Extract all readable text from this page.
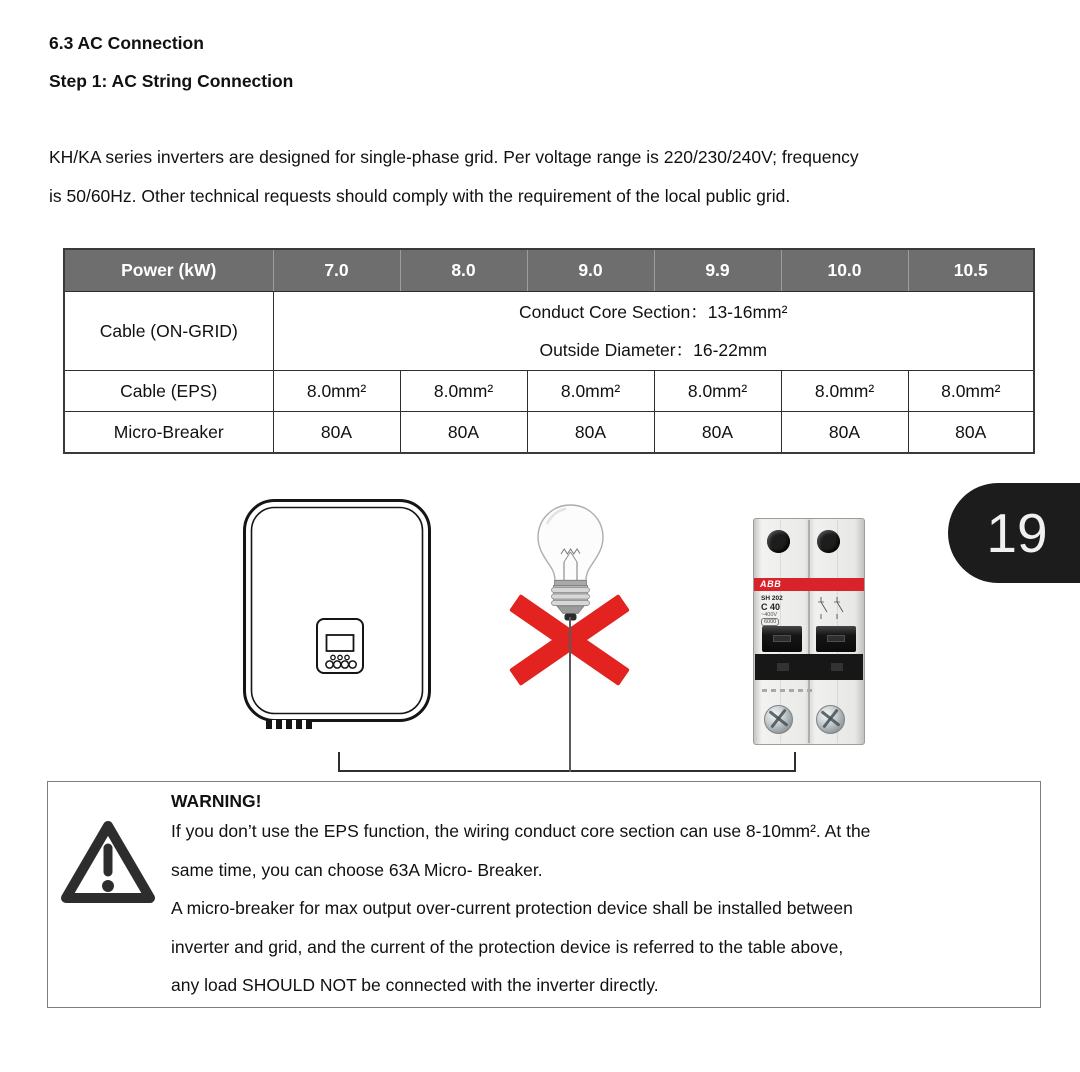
6.3 AC Connection
Step 1: AC String Connection
KH/KA series inverters are designed for single-phase grid. Per voltage range is 220/230/240V; frequency
is 50/60Hz. Other technical requests should comply with the requirement of the local public grid.
Power (kW)	7.0	8.0	9.0	9.9	10.0	10.5
Cable (ON-GRID)	Conduct Core Section：13-16mm²
Outside Diameter：16-22mm					

Cable (EPS)	8.0mm²	8.0mm²	8.0mm²	8.0mm²	8.0mm²	8.0mm²
Micro-Breaker	80A	80A	80A	80A	80A	80A
ABB
SH 202
C 40
~400V
6000
19
WARNING!
If you don’t use the EPS function, the wiring conduct core section can use 8-10mm². At the
same time, you can choose 63A Micro- Breaker.
A micro-breaker for max output over-current protection device shall be installed between
inverter and grid, and the current of the protection device is referred to the table above,
any load SHOULD NOT be connected with the inverter directly.
